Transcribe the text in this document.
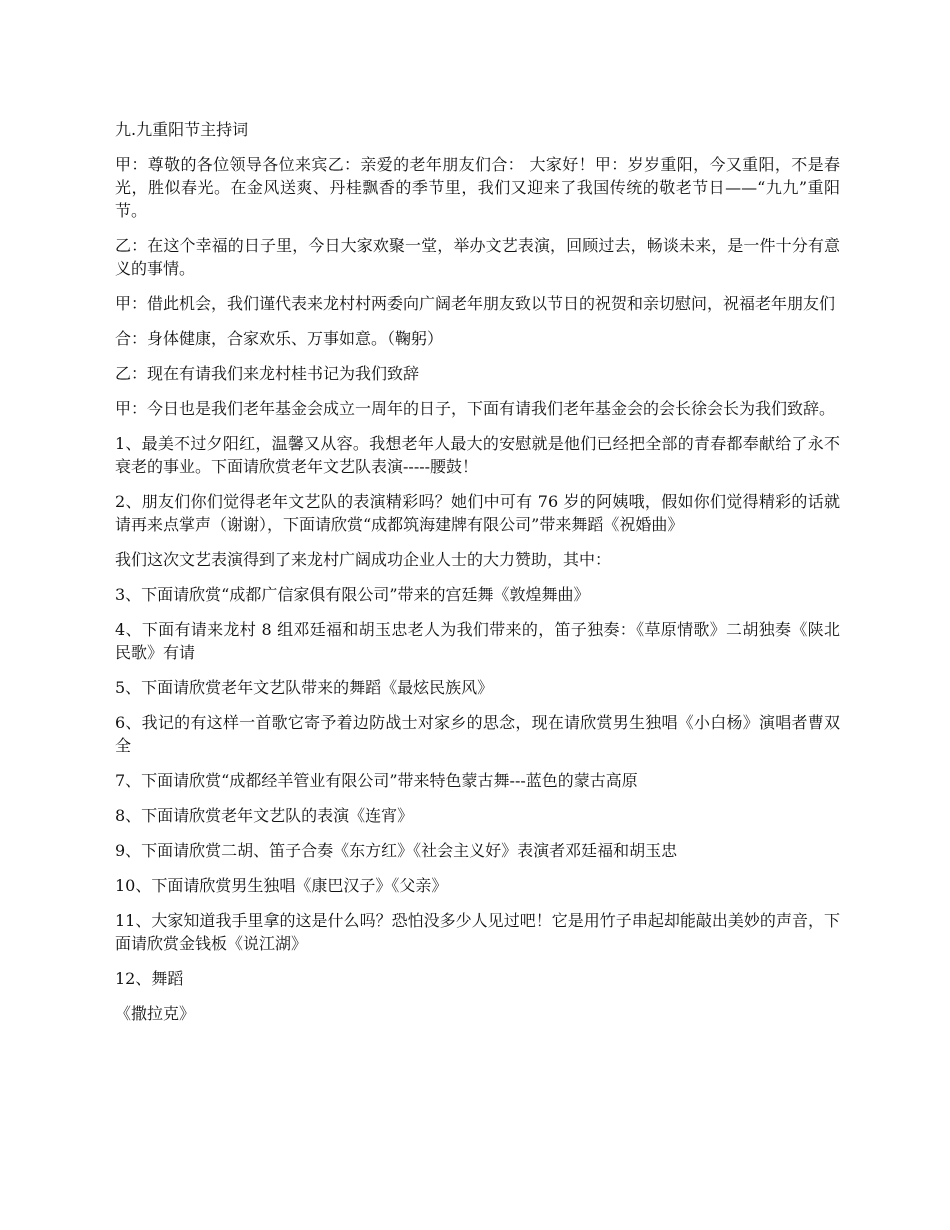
九.九重阳节主持词

甲：尊敬的各位领导各位来宾乙：亲爱的老年朋友们合： 大家好！甲：岁岁重阳，今又重阳，不是春光，胜似春光。在金风送爽、丹桂飘香的季节里，我们又迎来了我国传统的敬老节日——“九九”重阳节。

乙：在这个幸福的日子里，今日大家欢聚一堂，举办文艺表演，回顾过去，畅谈未来，是一件十分有意义的事情。

甲：借此机会，我们谨代表来龙村村两委向广阔老年朋友致以节日的祝贺和亲切慰问，祝福老年朋友们

合：身体健康，合家欢乐、万事如意。（鞠躬）

乙：现在有请我们来龙村桂书记为我们致辞

甲：今日也是我们老年基金会成立一周年的日子，下面有请我们老年基金会的会长徐会长为我们致辞。

1、最美不过夕阳红，温馨又从容。我想老年人最大的安慰就是他们已经把全部的青春都奉献给了永不衰老的事业。下面请欣赏老年文艺队表演-----腰鼓！

2、朋友们你们觉得老年文艺队的表演精彩吗？她们中可有 76 岁的阿姨哦，假如你们觉得精彩的话就请再来点掌声（谢谢），下面请欣赏“成都筑海建牌有限公司”带来舞蹈《祝婚曲》

我们这次文艺表演得到了来龙村广阔成功企业人士的大力赞助，其中：

3、下面请欣赏“成都广信家俱有限公司”带来的宫廷舞《敦煌舞曲》

4、下面有请来龙村 8 组邓廷福和胡玉忠老人为我们带来的，笛子独奏：《草原情歌》二胡独奏《陕北民歌》有请

5、下面请欣赏老年文艺队带来的舞蹈《最炫民族风》

6、我记的有这样一首歌它寄予着边防战士对家乡的思念，现在请欣赏男生独唱《小白杨》演唱者曹双全

7、下面请欣赏“成都经羊管业有限公司”带来特色蒙古舞---蓝色的蒙古高原

8、下面请欣赏老年文艺队的表演《连宵》

9、下面请欣赏二胡、笛子合奏《东方红》《社会主义好》表演者邓廷福和胡玉忠

10、下面请欣赏男生独唱《康巴汉子》《父亲》

11、大家知道我手里拿的这是什么吗？恐怕没多少人见过吧！它是用竹子串起却能敲出美妙的声音，下面请欣赏金钱板《说江湖》

12、舞蹈

《撒拉克》
